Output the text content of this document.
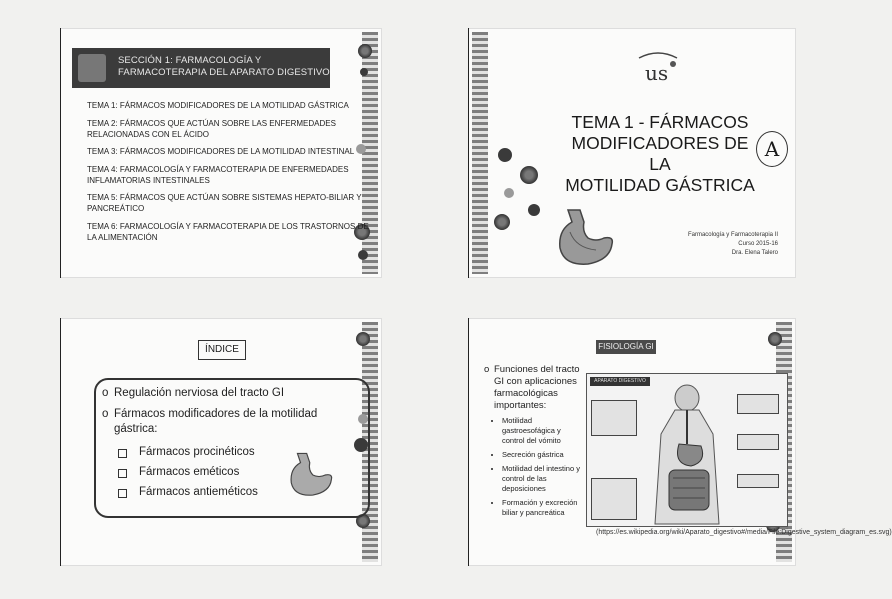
SECCIÓN 1: FARMACOLOGÍA Y FARMACOTERAPIA DEL APARATO DIGESTIVO
TEMA 1: FÁRMACOS MODIFICADORES DE LA MOTILIDAD GÁSTRICA
TEMA 2: FÁRMACOS QUE ACTÚAN SOBRE LAS ENFERMEDADES RELACIONADAS CON EL ÁCIDO
TEMA 3: FÁRMACOS MODIFICADORES DE LA MOTILIDAD INTESTINAL
TEMA 4: FARMACOLOGÍA Y FARMACOTERAPIA DE ENFERMEDADES INFLAMATORIAS INTESTINALES
TEMA 5: FÁRMACOS QUE ACTÚAN SOBRE SISTEMAS HEPATO-BILIAR Y PANCREÁTICO
TEMA 6: FARMACOLOGÍA Y FARMACOTERAPIA DE LOS TRASTORNOS DE LA ALIMENTACIÓN
us
TEMA 1 - FÁRMACOS
MODIFICADORES DE LA
MOTILIDAD GÁSTRICA
A
Farmacología y Farmacoterapia II
Curso 2015-16
Dra. Elena Talero
ÍNDICE
o Regulación nerviosa del tracto GI
o Fármacos modificadores de la motilidad gástrica:
Fármacos procinéticos
Fármacos eméticos
Fármacos antieméticos
FISIOLOGÍA GI
o Funciones del tracto GI con aplicaciones farmacológicas importantes:
• Motilidad gastroesofágica y control del vómito
• Secreción gástrica
• Motilidad del intestino y control de las deposiciones
• Formación y excreción biliar y pancreática
APARATO DIGESTIVO
(https://es.wikipedia.org/wiki/Aparato_digestivo#/media/File:Digestive_system_diagram_es.svg)
